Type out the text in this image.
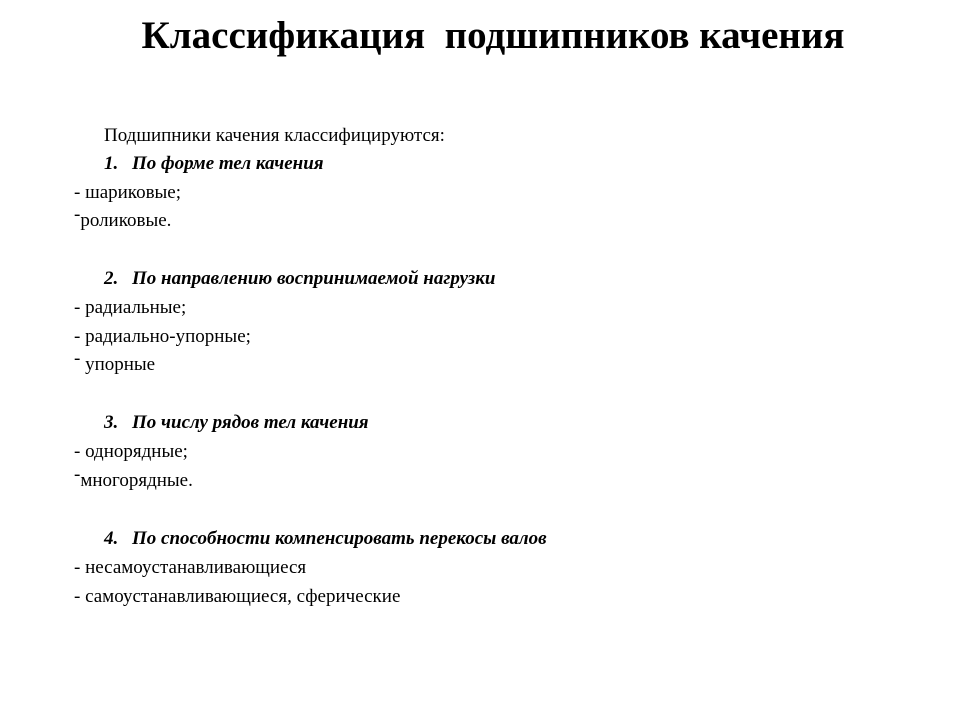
Классификация  подшипников качения
Подшипники качения классифицируются:
1. По форме тел качения
- шариковые;
-роликовые.
2. По направлению воспринимаемой нагрузки
- радиальные;
- радиально-упорные;
- упорные
3. По числу рядов тел качения
- однорядные;
-многорядные.
4. По способности компенсировать перекосы валов
- несамоустанавливающиеся
- самоустанавливающиеся, сферические
